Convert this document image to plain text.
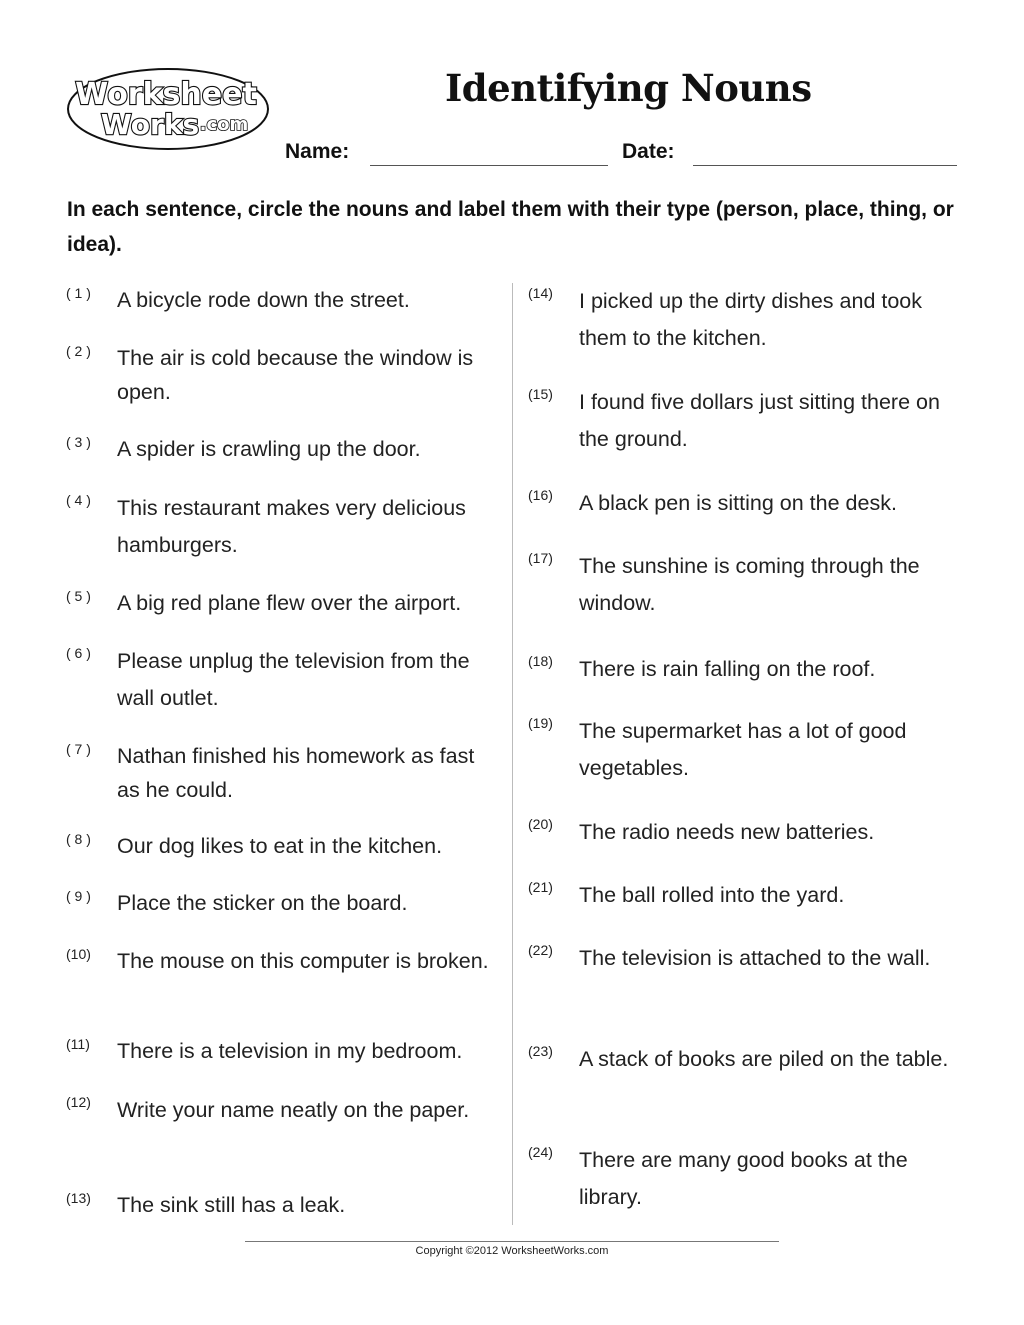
Worksheet
Works .com
Identifying Nouns
Name:	Date:
In each sentence, circle the nouns and label them with their type (person, place, thing, or idea).
( 1 ) A bicycle rode down the street.
( 2 ) The air is cold because the window is open.
( 3 ) A spider is crawling up the door.
( 4 ) This restaurant makes very delicious hamburgers.
( 5 ) A big red plane flew over the airport.
( 6 ) Please unplug the television from the wall outlet.
( 7 ) Nathan finished his homework as fast as he could.
( 8 ) Our dog likes to eat in the kitchen.
( 9 ) Place the sticker on the board.
(10) The mouse on this computer is broken.
(11) There is a television in my bedroom.
(12) Write your name neatly on the paper.
(13) The sink still has a leak.
(14) I picked up the dirty dishes and took them to the kitchen.
(15) I found five dollars just sitting there on the ground.
(16) A black pen is sitting on the desk.
(17) The sunshine is coming through the window.
(18) There is rain falling on the roof.
(19) The supermarket has a lot of good vegetables.
(20) The radio needs new batteries.
(21) The ball rolled into the yard.
(22) The television is attached to the wall.
(23) A stack of books are piled on the table.
(24) There are many good books at the library.
Copyright ©2012 WorksheetWorks.com
